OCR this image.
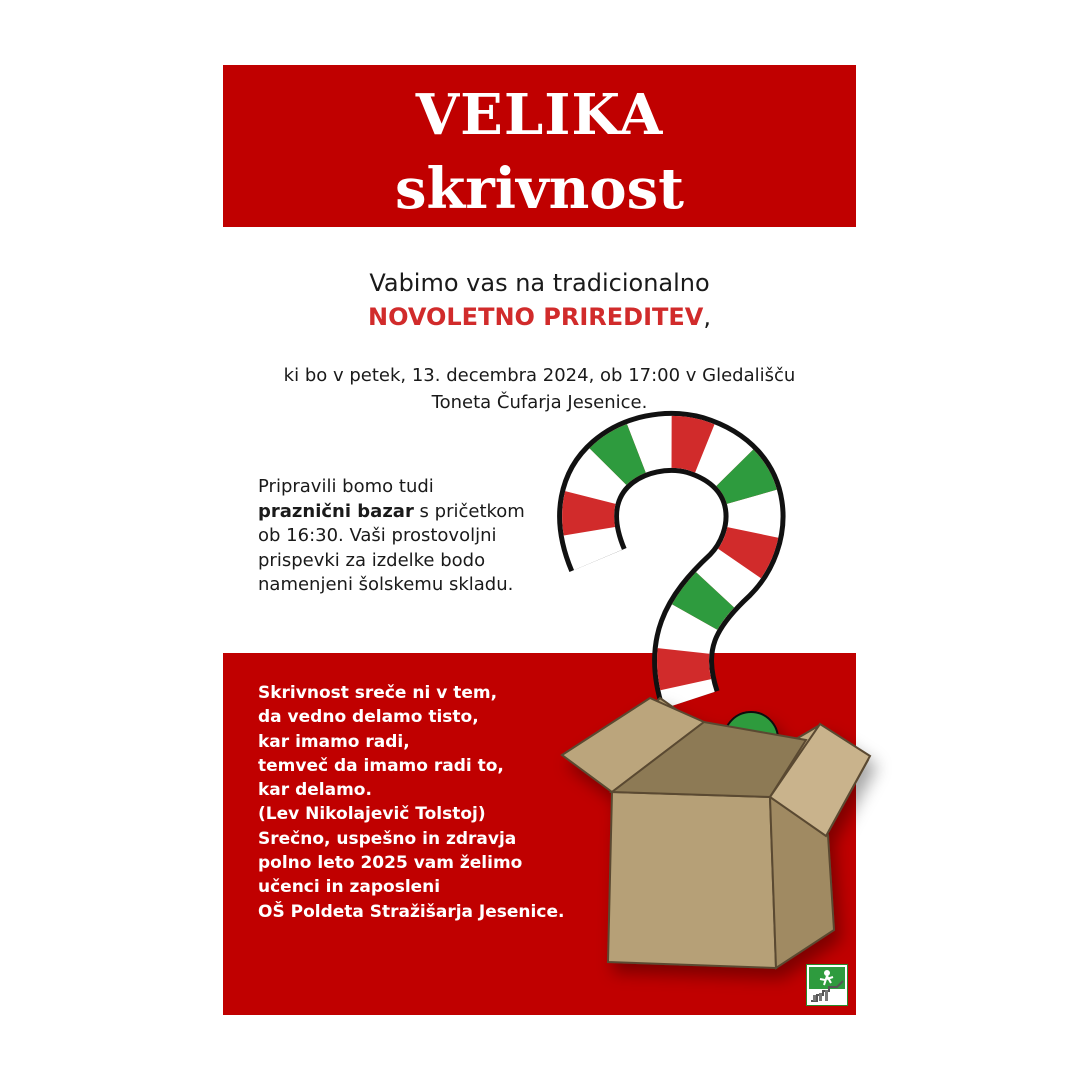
VELIKA
skrivnost
Vabimo vas na tradicionalno
NOVOLETNO PRIREDITEV,
ki bo v petek, 13. decembra 2024, ob 17:00 v Gledališču
Toneta Čufarja Jesenice.
Pripravili bomo tudi
praznični bazar s pričetkom
ob 16:30. Vaši prostovoljni
prispevki za izdelke bodo
namenjeni šolskemu skladu.
Skrivnost sreče ni v tem,
da vedno delamo tisto,
kar imamo radi,
temveč da imamo radi to,
kar delamo.
(Lev Nikolajevič Tolstoj)
Srečno, uspešno in zdravja
polno leto 2025 vam želimo
učenci in zaposleni
OŠ Poldeta Stražišarja Jesenice.
